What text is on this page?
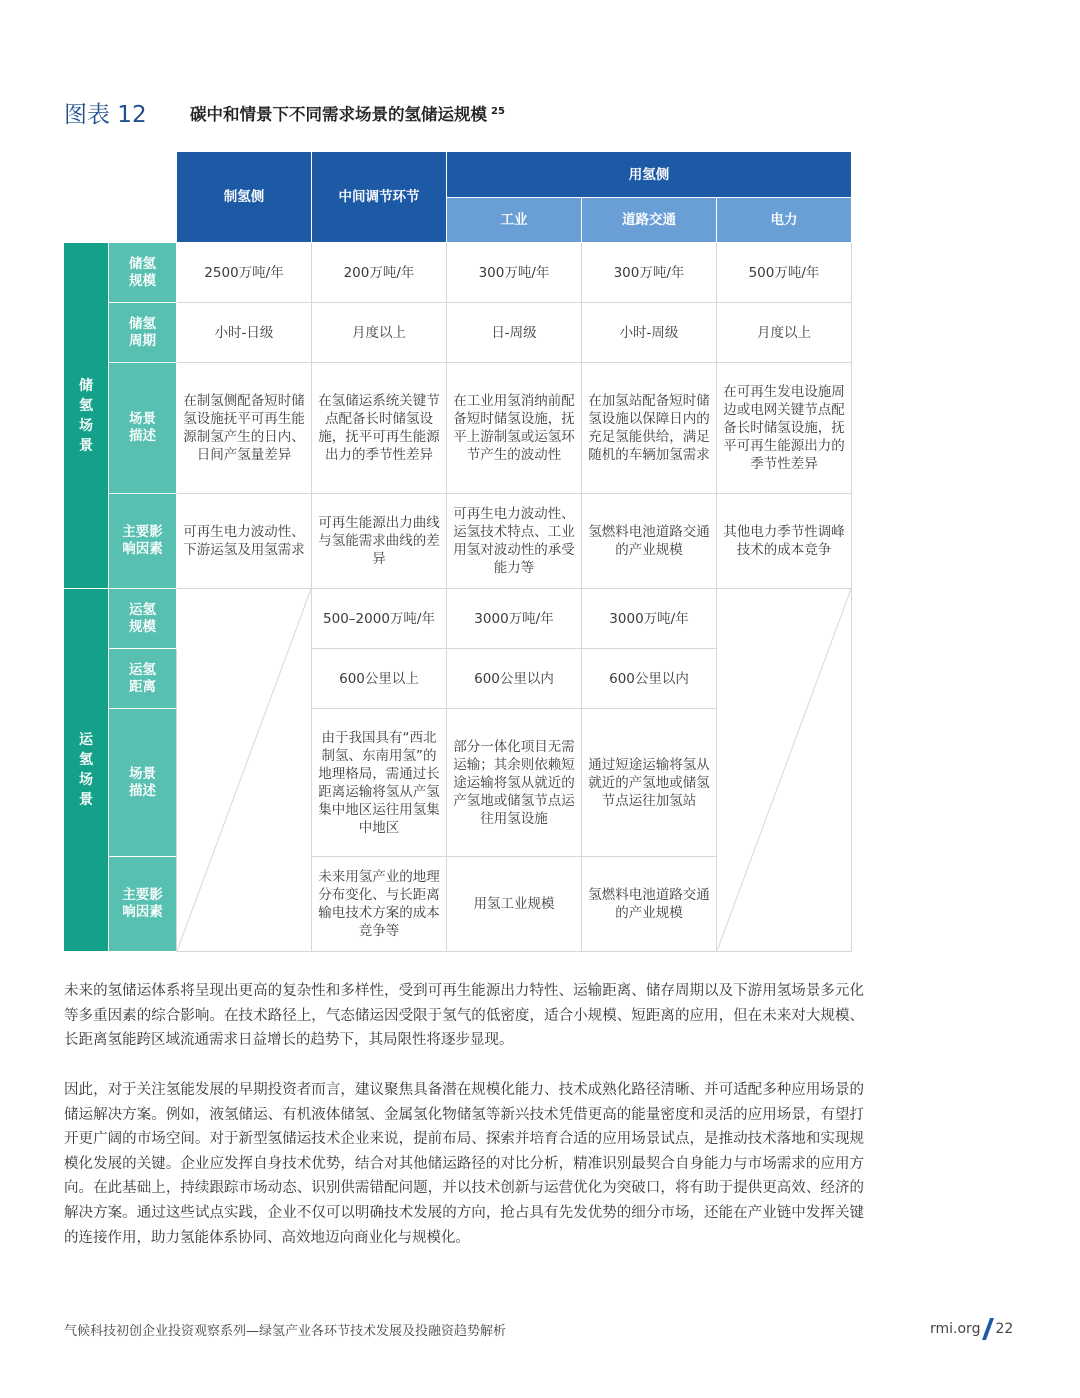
图表 12	碳中和情景下不同需求场景的氢储运规模 $^{25}$
		制氢侧	中间调节环节	用氢侧		
				工业	道路交通	电力
储氢场景	储氢规模	2500万吨/年	200万吨/年	300万吨/年	300万吨/年	500万吨/年
	储氢周期	小时-日级	月度以上	日-周级	小时-周级	月度以上
	场景描述	在制氢侧配备短时储氢设施抚平可再生能源制氢产生的日内、日间产氢量差异	在氢储运系统关键节点配备长时储氢设施，抚平可再生能源出力的季节性差异	在工业用氢消纳前配备短时储氢设施，抚平上游制氢或运氢环节产生的波动性	在加氢站配备短时储氢设施以保障日内的充足氢能供给，满足随机的车辆加氢需求	在可再生发电设施周边或电网关键节点配备长时储氢设施，抚平可再生能源出力的季节性差异
	主要影响因素	可再生电力波动性、下游运氢及用氢需求	可再生能源出力曲线与氢能需求曲线的差异	可再生电力波动性、运氢技术特点、工业用氢对波动性的承受能力等	氢燃料电池道路交通的产业规模	其他电力季节性调峰技术的成本竞争
运氢场景	运氢规模		500–2000万吨/年	3000万吨/年	3000万吨/年	

	运氢距离		600公里以上	600公里以内	600公里以内	
	场景描述		由于我国具有“西北制氢、东南用氢”的地理格局，需通过长距离运输将氢从产氢集中地区运往用氢集中地区	部分一体化项目无需运输；其余则依赖短途运输将氢从就近的产氢地或储氢节点运往用氢设施	通过短途运输将氢从就近的产氢地或储氢节点运往加氢站	
	主要影响因素		未来用氢产业的地理分布变化、与长距离输电技术方案的成本竞争等	用氢工业规模	氢燃料电池道路交通的产业规模	

未来的氢储运体系将呈现出更高的复杂性和多样性，受到可再生能源出力特性、运输距离、储存周期以及下游用氢场景多元化等多重因素的综合影响。在技术路径上，气态储运因受限于氢气的低密度，适合小规模、短距离的应用，但在未来对大规模、长距离氢能跨区域流通需求日益增长的趋势下，其局限性将逐步显现。

因此，对于关注氢能发展的早期投资者而言，建议聚焦具备潜在规模化能力、技术成熟化路径清晰、并可适配多种应用场景的储运解决方案。例如，液氢储运、有机液体储氢、金属氢化物储氢等新兴技术凭借更高的能量密度和灵活的应用场景，有望打开更广阔的市场空间。对于新型氢储运技术企业来说，提前布局、探索并培育合适的应用场景试点，是推动技术落地和实现规模化发展的关键。企业应发挥自身技术优势，结合对其他储运路径的对比分析，精准识别最契合自身能力与市场需求的应用方向。在此基础上，持续跟踪市场动态、识别供需错配问题，并以技术创新与运营优化为突破口，将有助于提供更高效、经济的解决方案。通过这些试点实践，企业不仅可以明确技术发展的方向，抢占具有先发优势的细分市场，还能在产业链中发挥关键的连接作用，助力氢能体系协同、高效地迈向商业化与规模化。

气候科技初创企业投资观察系列—绿氢产业各环节技术发展及投融资趋势解析	rmi.org 22
